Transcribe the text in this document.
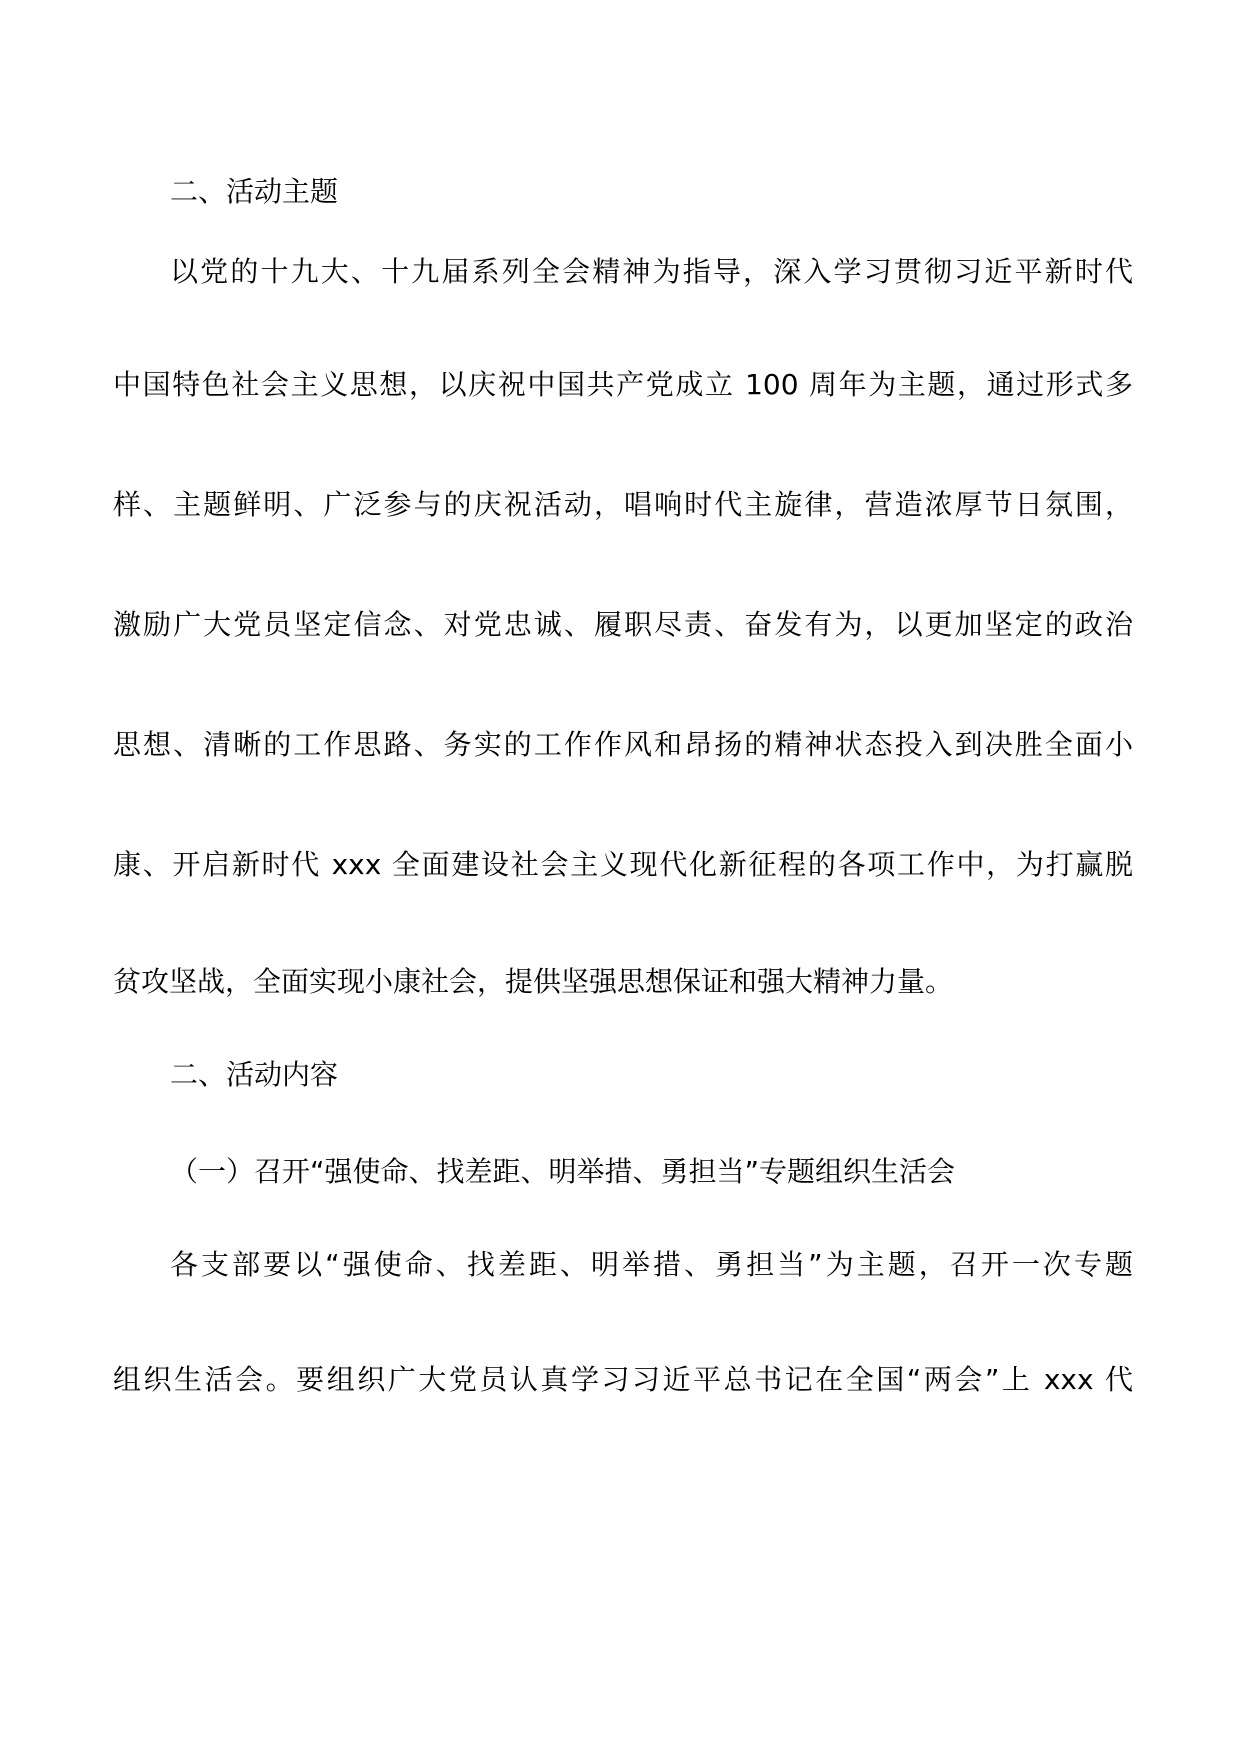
二、活动主题
以党的十九大、十九届系列全会精神为指导，深入学习贯彻习近平新时代
中国特色社会主义思想，以庆祝中国共产党成立 100 周年为主题，通过形式多
样、主题鲜明、广泛参与的庆祝活动，唱响时代主旋律，营造浓厚节日氛围，
激励广大党员坚定信念、对党忠诚、履职尽责、奋发有为，以更加坚定的政治
思想、清晰的工作思路、务实的工作作风和昂扬的精神状态投入到决胜全面小
康、开启新时代 xxx 全面建设社会主义现代化新征程的各项工作中，为打赢脱
贫攻坚战，全面实现小康社会，提供坚强思想保证和强大精神力量。
二、活动内容
（一）召开“强使命、找差距、明举措、勇担当”专题组织生活会
各支部要以“强使命、找差距、明举措、勇担当”为主题，召开一次专题
组织生活会。要组织广大党员认真学习习近平总书记在全国“两会”上 xxx 代
